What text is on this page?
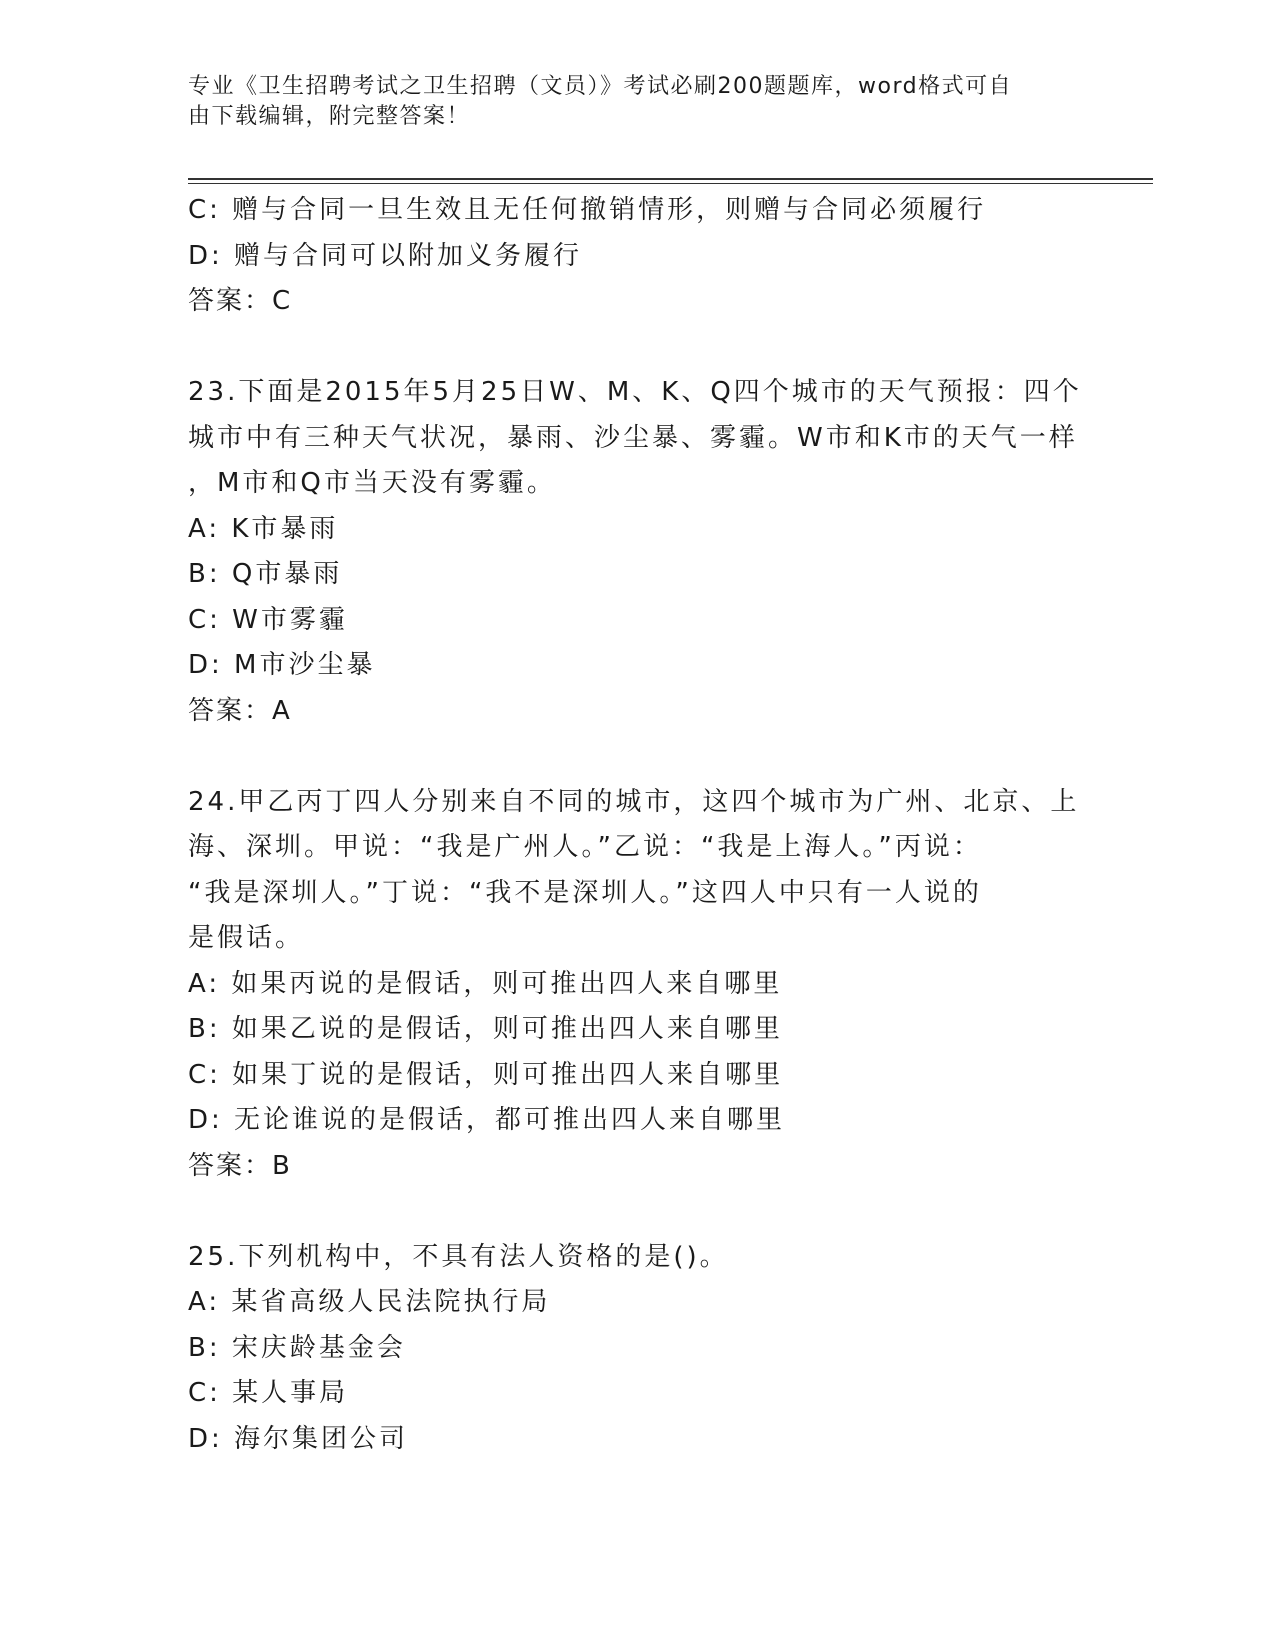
专业《卫生招聘考试之卫生招聘（文员）》考试必刷200题题库，word格式可自
由下载编辑，附完整答案！
C: 赠与合同一旦生效且无任何撤销情形，则赠与合同必须履行
D: 赠与合同可以附加义务履行
答案：C
23.下面是2015年5月25日W、M、K、Q四个城市的天气预报：四个
城市中有三种天气状况，暴雨、沙尘暴、雾霾。W市和K市的天气一样
，M市和Q市当天没有雾霾。
A: K市暴雨
B: Q市暴雨
C: W市雾霾
D: M市沙尘暴
答案：A
24.甲乙丙丁四人分别来自不同的城市，这四个城市为广州、北京、上
海、深圳。甲说：“我是广州人。”乙说：“我是上海人。”丙说：
“我是深圳人。”丁说：“我不是深圳人。”这四人中只有一人说的
是假话。
A: 如果丙说的是假话，则可推出四人来自哪里
B: 如果乙说的是假话，则可推出四人来自哪里
C: 如果丁说的是假话，则可推出四人来自哪里
D: 无论谁说的是假话，都可推出四人来自哪里
答案：B
25.下列机构中，不具有法人资格的是()。
A: 某省高级人民法院执行局
B: 宋庆龄基金会
C: 某人事局
D: 海尔集团公司
